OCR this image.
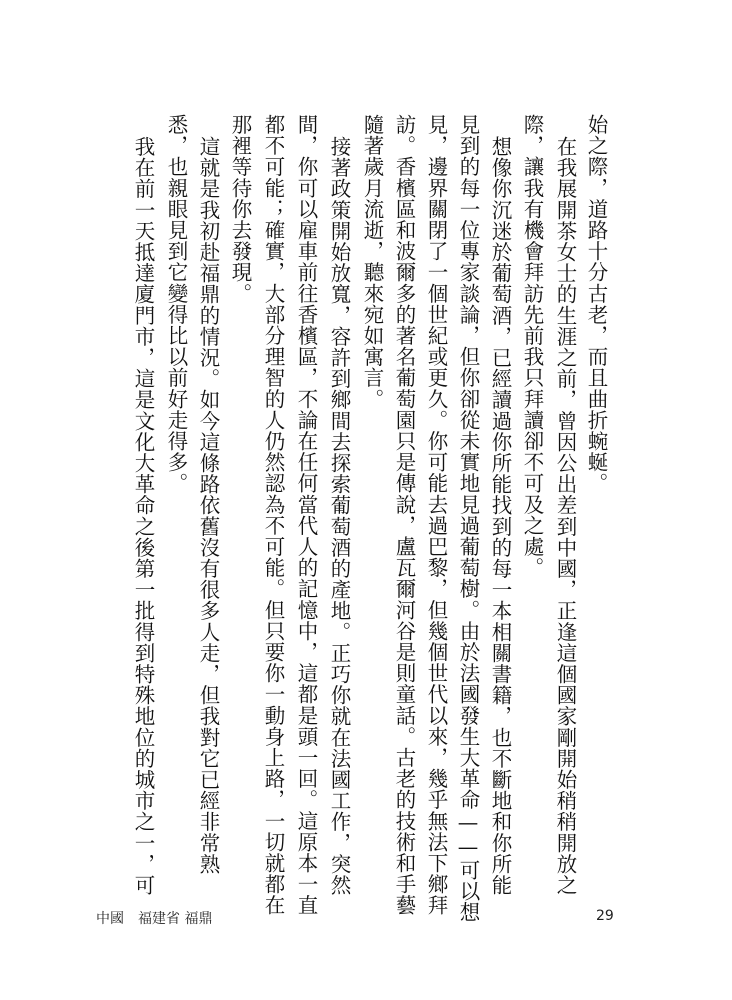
始之際，道路十分古老，而且曲折蜿蜒。
在我展開茶女士的生涯之前，曾因公出差到中國，正逢這個國家剛開始稍稍開放之
際，讓我有機會拜訪先前我只拜讀卻不可及之處。
想像你沉迷於葡萄酒，已經讀過你所能找到的每一本相關書籍，也不斷地和你所能
見到的每一位專家談論，但你卻從未實地見過葡萄樹。由於法國發生大革命——可以想
見，邊界關閉了一個世紀或更久。你可能去過巴黎，但幾個世代以來，幾乎無法下鄉拜
訪。香檳區和波爾多的著名葡萄園只是傳說，盧瓦爾河谷是則童話。古老的技術和手藝
隨著歲月流逝，聽來宛如寓言。
接著政策開始放寬，容許到鄉間去探索葡萄酒的產地。正巧你就在法國工作，突然
間，你可以雇車前往香檳區，不論在任何當代人的記憶中，這都是頭一回。這原本一直
都不可能；確實，大部分理智的人仍然認為不可能。但只要你一動身上路，一切就都在
那裡等待你去發現。
這就是我初赴福鼎的情況。如今這條路依舊沒有很多人走，但我對它已經非常熟
悉，也親眼見到它變得比以前好走得多。
我在前一天抵達廈門市，這是文化大革命之後第一批得到特殊地位的城市之一，可
中國　福建省 福鼎	29
